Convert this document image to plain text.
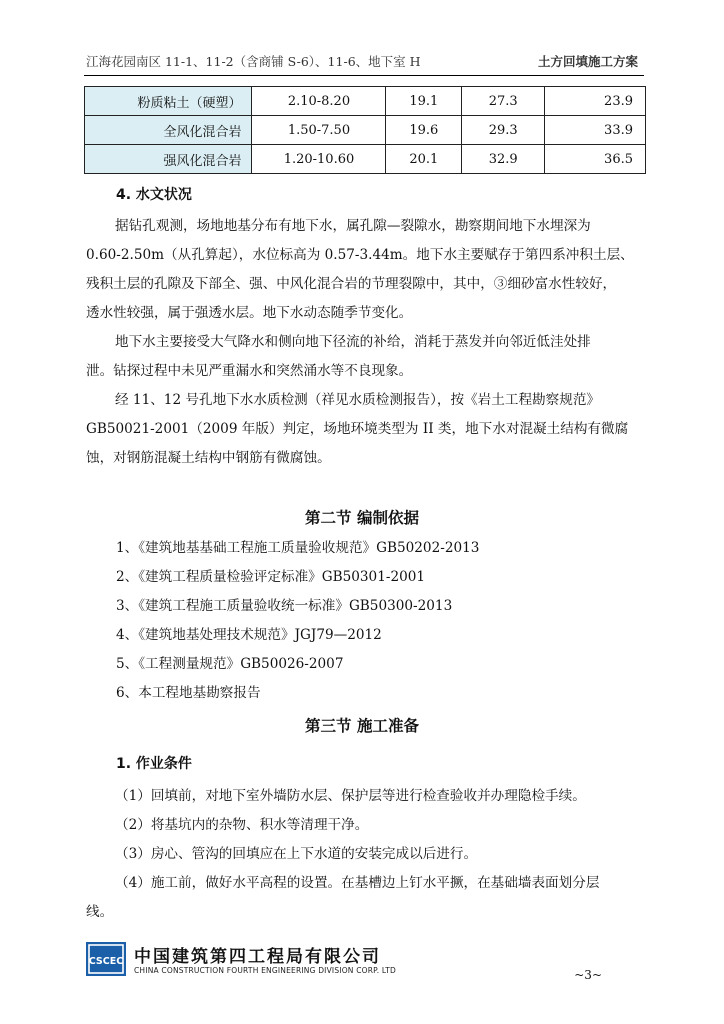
江海花园南区 11-1、11-2（含商铺 S-6）、11-6、地下室 H	土方回填施工方案
粉质粘土（硬塑）	2.10-8.20	19.1	27.3	23.9
全风化混合岩	1.50-7.50	19.6	29.3	33.9
强风化混合岩	1.20-10.60	20.1	32.9	36.5
4. 水文状况
据钻孔观测，场地地基分布有地下水，属孔隙—裂隙水，勘察期间地下水埋深为
0.60-2.50m（从孔算起），水位标高为 0.57-3.44m。地下水主要赋存于第四系冲积土层、
残积土层的孔隙及下部全、强、中风化混合岩的节理裂隙中，其中，③细砂富水性较好，
透水性较强，属于强透水层。地下水动态随季节变化。
地下水主要接受大气降水和侧向地下径流的补给，消耗于蒸发并向邻近低洼处排
泄。钻探过程中未见严重漏水和突然涌水等不良现象。
经 11、12 号孔地下水水质检测（祥见水质检测报告），按《岩土工程勘察规范》
GB50021-2001（2009 年版）判定，场地环境类型为 II 类，地下水对混凝土结构有微腐
蚀，对钢筋混凝土结构中钢筋有微腐蚀。
第二节 编制依据
1、《建筑地基基础工程施工质量验收规范》GB50202-2013
2、《建筑工程质量检验评定标准》GB50301-2001
3、《建筑工程施工质量验收统一标准》GB50300-2013
4、《建筑地基处理技术规范》JGJ79—2012
5、《工程测量规范》GB50026-2007
6、本工程地基勘察报告
第三节 施工准备
1. 作业条件
（1）回填前，对地下室外墙防水层、保护层等进行检查验收并办理隐检手续。
（2）将基坑内的杂物、积水等清理干净。
（3）房心、管沟的回填应在上下水道的安装完成以后进行。
（4）施工前，做好水平高程的设置。在基槽边上钉水平撅，在基础墙表面划分层
线。
CSCEC 中国建筑第四工程局有限公司
CHINA CONSTRUCTION FOURTH ENGINEERING DIVISION CORP. LTD	~3~
